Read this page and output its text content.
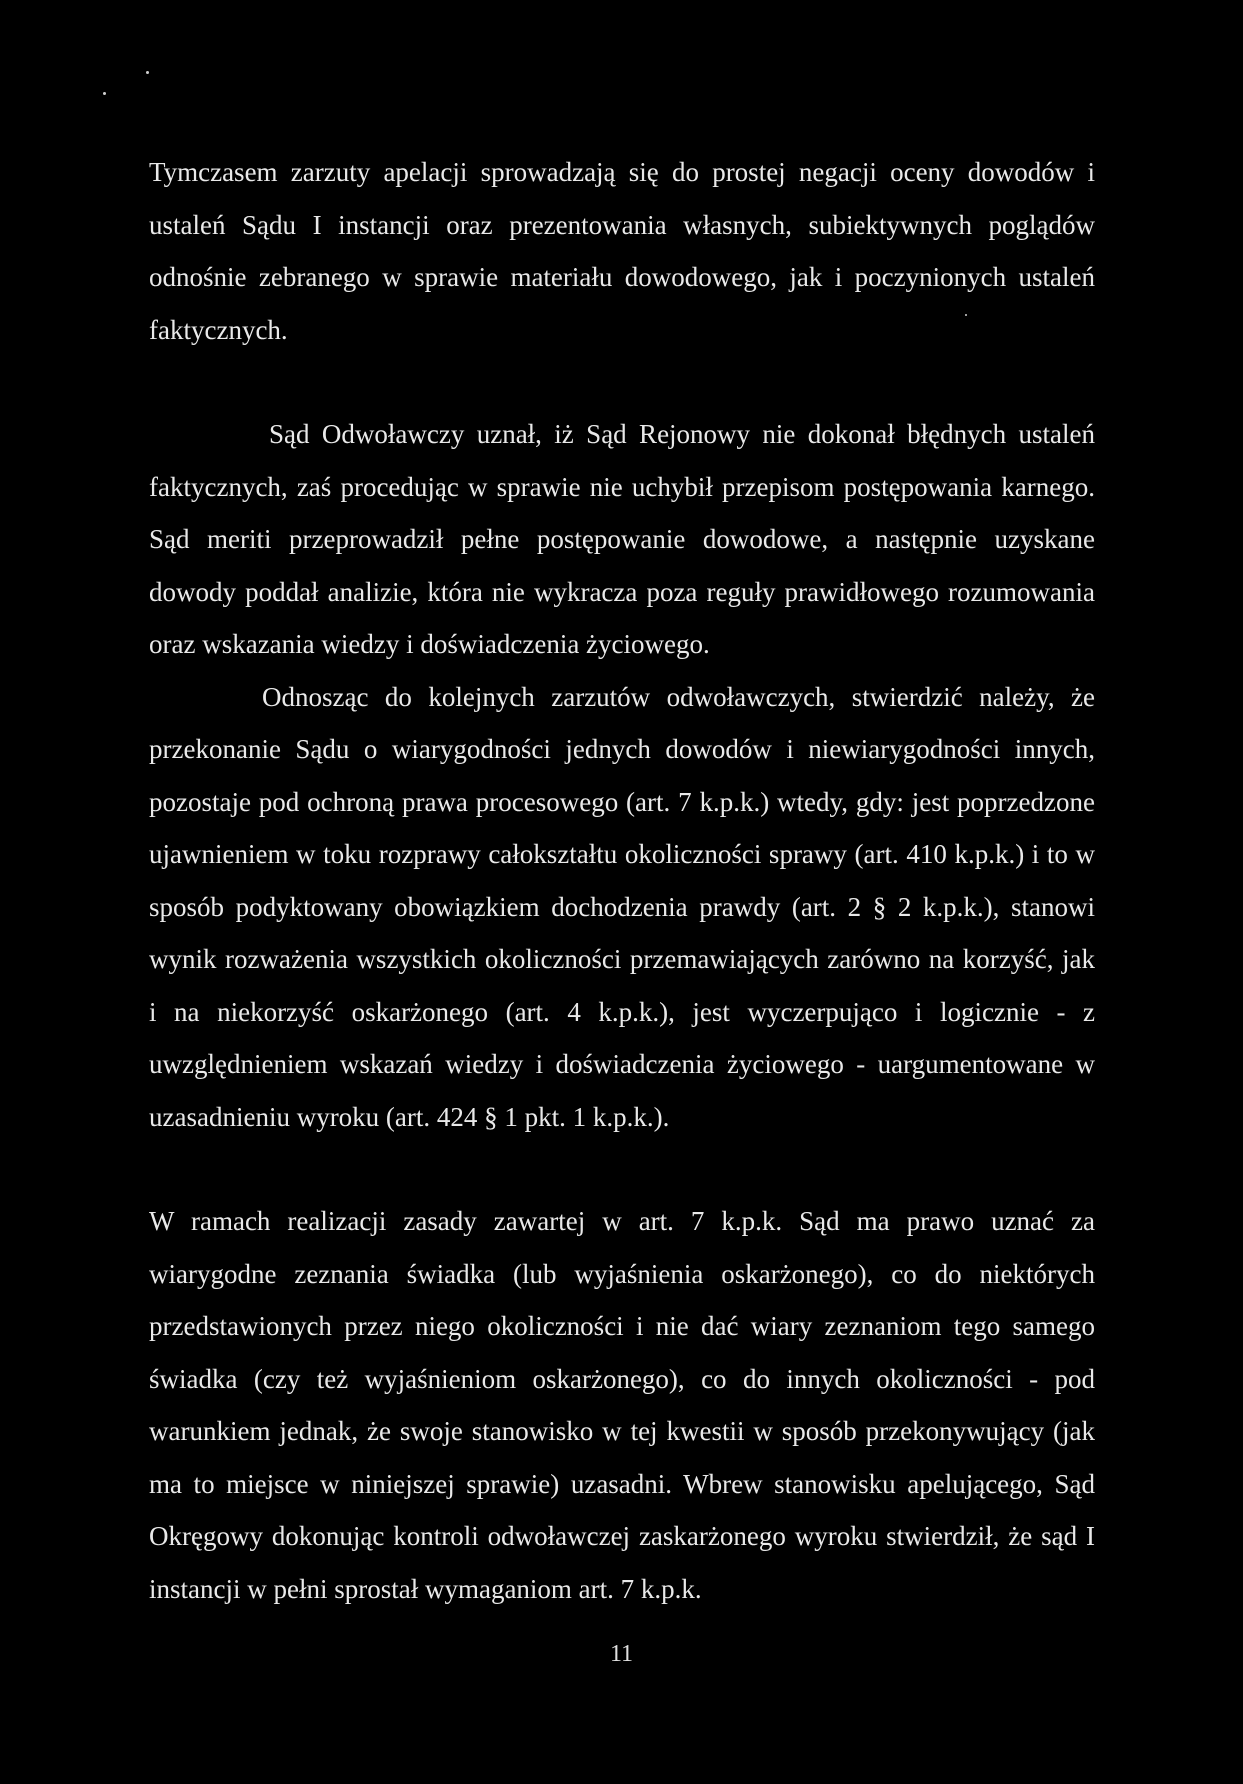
Tymczasem zarzuty apelacji sprowadzają się do prostej negacji oceny dowodów i ustaleń Sądu I instancji oraz prezentowania własnych, subiektywnych poglądów odnośnie zebranego w sprawie materiału dowodowego, jak i poczynionych ustaleń faktycznych.

Sąd Odwoławczy uznał, iż Sąd Rejonowy nie dokonał błędnych ustaleń faktycznych, zaś procedując w sprawie nie uchybił przepisom postępowania karnego. Sąd meriti przeprowadził pełne postępowanie dowodowe, a następnie uzyskane dowody poddał analizie, która nie wykracza poza reguły prawidłowego rozumowania oraz wskazania wiedzy i doświadczenia życiowego.

Odnosząc do kolejnych zarzutów odwoławczych, stwierdzić należy, że przekonanie Sądu o wiarygodności jednych dowodów i niewiarygodności innych, pozostaje pod ochroną prawa procesowego (art. 7 k.p.k.) wtedy, gdy: jest poprzedzone ujawnieniem w toku rozprawy całokształtu okoliczności sprawy (art. 410 k.p.k.) i to w sposób podyktowany obowiązkiem dochodzenia prawdy (art. 2 § 2 k.p.k.), stanowi wynik rozważenia wszystkich okoliczności przemawiających zarówno na korzyść, jak i na niekorzyść oskarżonego (art. 4 k.p.k.), jest wyczerpująco i logicznie - z uwzględnieniem wskazań wiedzy i doświadczenia życiowego - uargumentowane w uzasadnieniu wyroku (art. 424 § 1 pkt. 1 k.p.k.).

W ramach realizacji zasady zawartej w art. 7 k.p.k. Sąd ma prawo uznać za wiarygodne zeznania świadka (lub wyjaśnienia oskarżonego), co do niektórych przedstawionych przez niego okoliczności i nie dać wiary zeznaniom tego samego świadka (czy też wyjaśnieniom oskarżonego), co do innych okoliczności - pod warunkiem jednak, że swoje stanowisko w tej kwestii w sposób przekonywujący (jak ma to miejsce w niniejszej sprawie) uzasadni. Wbrew stanowisku apelującego, Sąd Okręgowy dokonując kontroli odwoławczej zaskarżonego wyroku stwierdził, że sąd I instancji w pełni sprostał wymaganiom art. 7 k.p.k.

11
